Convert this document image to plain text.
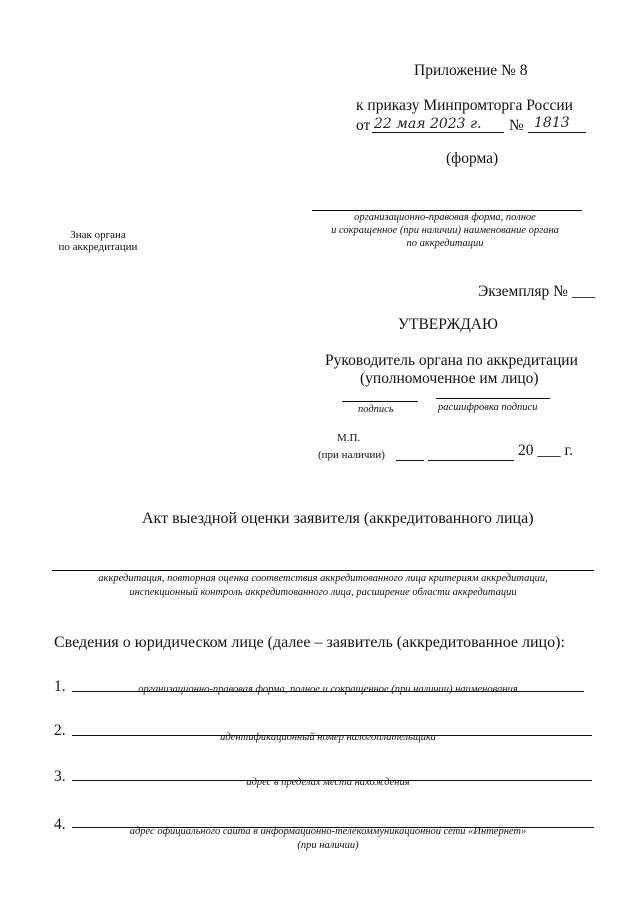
Приложение № 8
к приказу Минпромторга России
от 22 мая 2023 г. № 1813
(форма)
Знак органа
по аккредитации
организационно-правовая форма, полное
и сокращенное (при наличии) наименование органа
по аккредитации
Экземпляр № ___
УТВЕРЖДАЮ
Руководитель органа по аккредитации
(уполномоченное им лицо)
подпись	расшифровка подписи
М.П.
(при наличии)	20 ___ г.
Акт выездной оценки заявителя (аккредитованного лица)
аккредитация, повторная оценка соответствия аккредитованного лица критериям аккредитации,
инспекционный контроль аккредитованного лица, расширение области аккредитации
Сведения о юридическом лице (далее – заявитель (аккредитованное лицо):
1.	организационно-правовая форма, полное и сокращенное (при наличии) наименования
2.	идентификационный номер налогоплательщика
3.	адрес в пределах места нахождения
4.	адрес официального сайта в информационно-телекоммуникационной сети «Интернет»
(при наличии)
